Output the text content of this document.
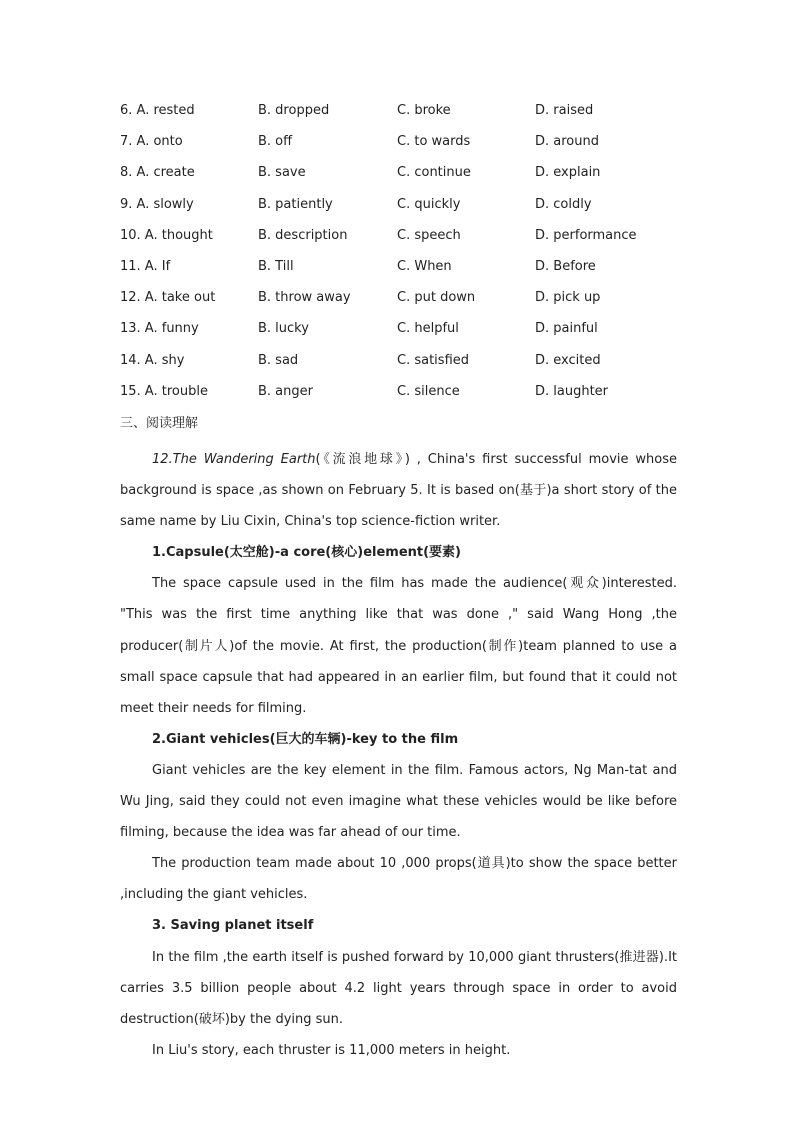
6. A. rested	B. dropped	C. broke	D. raised
7. A. onto	B. off	C. to wards	D. around
8. A. create	B. save	C. continue	D. explain
9. A. slowly	B. patiently	C. quickly	D. coldly
10. A. thought	B. description	C. speech	D. performance
11. A. If	B. Till	C. When	D. Before
12. A. take out	B. throw away	C. put down	D. pick up
13. A. funny	B. lucky	C. helpful	D. painful
14. A. shy	B. sad	C. satisfied	D. excited
15. A. trouble	B. anger	C. silence	D. laughter
三、阅读理解

12.The Wandering Earth(《流浪地球》) , China's first successful movie whose background is space ,as shown on February 5. It is based on(基于)a short story of the same name by Liu Cixin, China's top science-fiction writer.

1.Capsule(太空舱)-a core(核心)element(要素)

The space capsule used in the film has made the audience(观众)interested. "This was the first time anything like that was done ," said Wang Hong ,the producer(制片人)of the movie. At first, the production(制作)team planned to use a small space capsule that had appeared in an earlier film, but found that it could not meet their needs for filming.

2.Giant vehicles(巨大的车辆)-key to the film

Giant vehicles are the key element in the film. Famous actors, Ng Man-tat and Wu Jing, said they could not even imagine what these vehicles would be like before filming, because the idea was far ahead of our time.

The production team made about 10 ,000 props(道具)to show the space better ,including the giant vehicles.

3. Saving planet itself

In the film ,the earth itself is pushed forward by 10,000 giant thrusters(推进器).It carries 3.5 billion people about 4.2 light years through space in order to avoid destruction(破坏)by the dying sun.

In Liu's story, each thruster is 11,000 meters in height.
